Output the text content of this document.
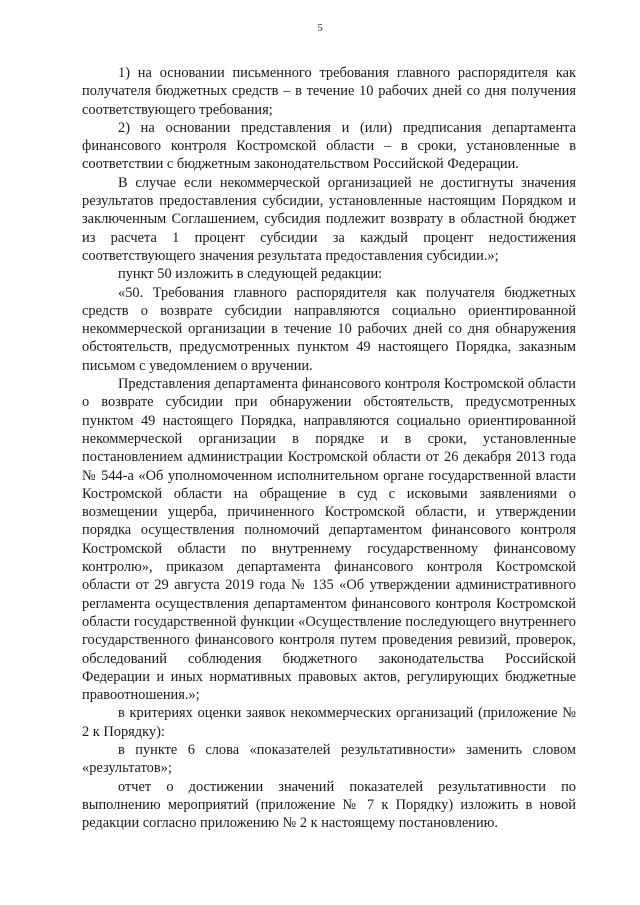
5

1) на основании письменного требования главного распорядителя как получателя бюджетных средств – в течение 10 рабочих дней со дня получения соответствующего требования;

2) на основании представления и (или) предписания департамента финансового контроля Костромской области – в сроки, установленные в соответствии с бюджетным законодательством Российской Федерации.

В случае если некоммерческой организацией не достигнуты значения результатов предоставления субсидии, установленные настоящим Порядком и заключенным Соглашением, субсидия подлежит возврату в областной бюджет из расчета 1 процент субсидии за каждый процент недостижения соответствующего значения результата предоставления субсидии.»;

пункт 50 изложить в следующей редакции:

«50. Требования главного распорядителя как получателя бюджетных средств о возврате субсидии направляются социально ориентированной некоммерческой организации в течение 10 рабочих дней со дня обнаружения обстоятельств, предусмотренных пунктом 49 настоящего Порядка, заказным письмом с уведомлением о вручении.

Представления департамента финансового контроля Костромской области о возврате субсидии при обнаружении обстоятельств, предусмотренных пунктом 49 настоящего Порядка, направляются социально ориентированной некоммерческой организации в порядке и в сроки, установленные постановлением администрации Костромской области от 26 декабря 2013 года № 544-а «Об уполномоченном исполнительном органе государственной власти Костромской области на обращение в суд с исковыми заявлениями о возмещении ущерба, причиненного Костромской области, и утверждении порядка осуществления полномочий департаментом финансового контроля Костромской области по внутреннему государственному финансовому контролю», приказом департамента финансового контроля Костромской области от 29 августа 2019 года № 135 «Об утверждении административного регламента осуществления департаментом финансового контроля Костромской области государственной функции «Осуществление последующего внутреннего государственного финансового контроля путем проведения ревизий, проверок, обследований соблюдения бюджетного законодательства Российской Федерации и иных нормативных правовых актов, регулирующих бюджетные правоотношения.»;

в критериях оценки заявок некоммерческих организаций (приложение № 2 к Порядку):

в пункте 6 слова «показателей результативности» заменить словом «результатов»;

отчет о достижении значений показателей результативности по выполнению мероприятий (приложение № 7 к Порядку) изложить в новой редакции согласно приложению № 2 к настоящему постановлению.
